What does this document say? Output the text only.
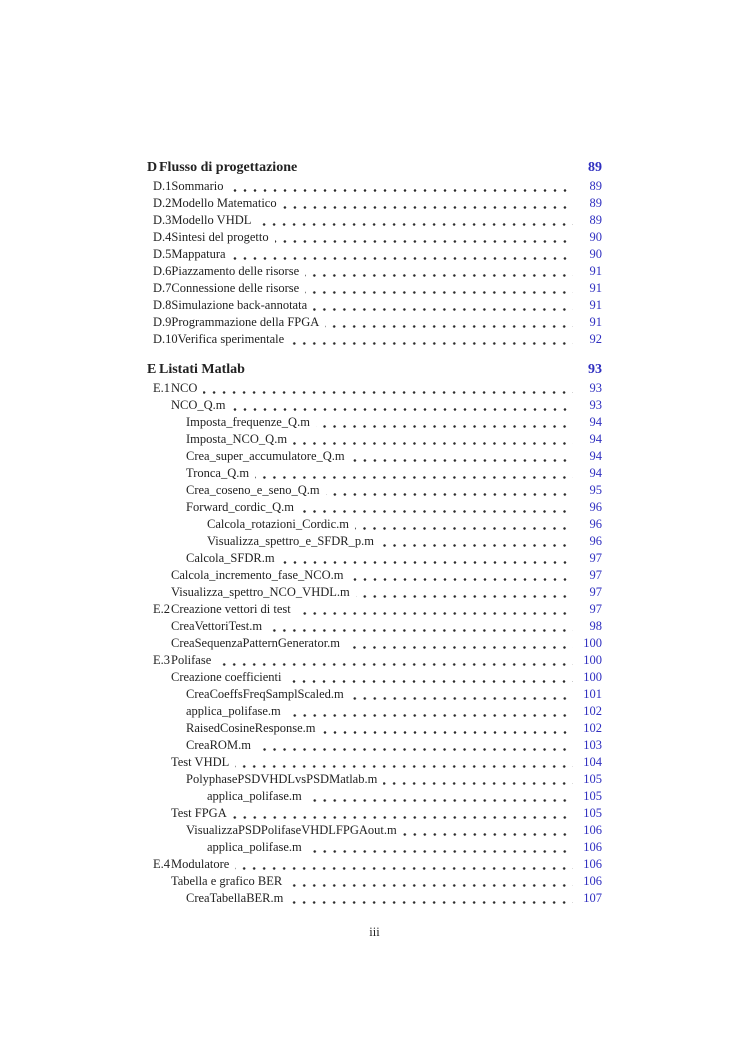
D Flusso di progettazione	89
D.1 Sommario	89
D.2 Modello Matematico	89
D.3 Modello VHDL	89
D.4 Sintesi del progetto	90
D.5 Mappatura	90
D.6 Piazzamento delle risorse	91
D.7 Connessione delle risorse	91
D.8 Simulazione back-annotata	91
D.9 Programmazione della FPGA	91
D.10 Verifica sperimentale	92
E Listati Matlab	93
E.1 NCO	93
NCO_Q.m	93
Imposta_frequenze_Q.m	94
Imposta_NCO_Q.m	94
Crea_super_accumulatore_Q.m	94
Tronca_Q.m	94
Crea_coseno_e_seno_Q.m	95
Forward_cordic_Q.m	96
Calcola_rotazioni_Cordic.m	96
Visualizza_spettro_e_SFDR_p.m	96
Calcola_SFDR.m	97
Calcola_incremento_fase_NCO.m	97
Visualizza_spettro_NCO_VHDL.m	97
E.2 Creazione vettori di test	97
CreaVettoriTest.m	98
CreaSequenzaPatternGenerator.m	100
E.3 Polifase	100
Creazione coefficienti	100
CreaCoeffsFreqSamplScaled.m	101
applica_polifase.m	102
RaisedCosineResponse.m	102
CreaROM.m	103
Test VHDL	104
PolyphasePSDVHDLvsPSDMatlab.m	105
applica_polifase.m	105
Test FPGA	105
VisualizzaPSDPolifaseVHDLFPGAout.m	106
applica_polifase.m	106
E.4 Modulatore	106
Tabella e grafico BER	106
CreaTabellaBER.m	107
iii
